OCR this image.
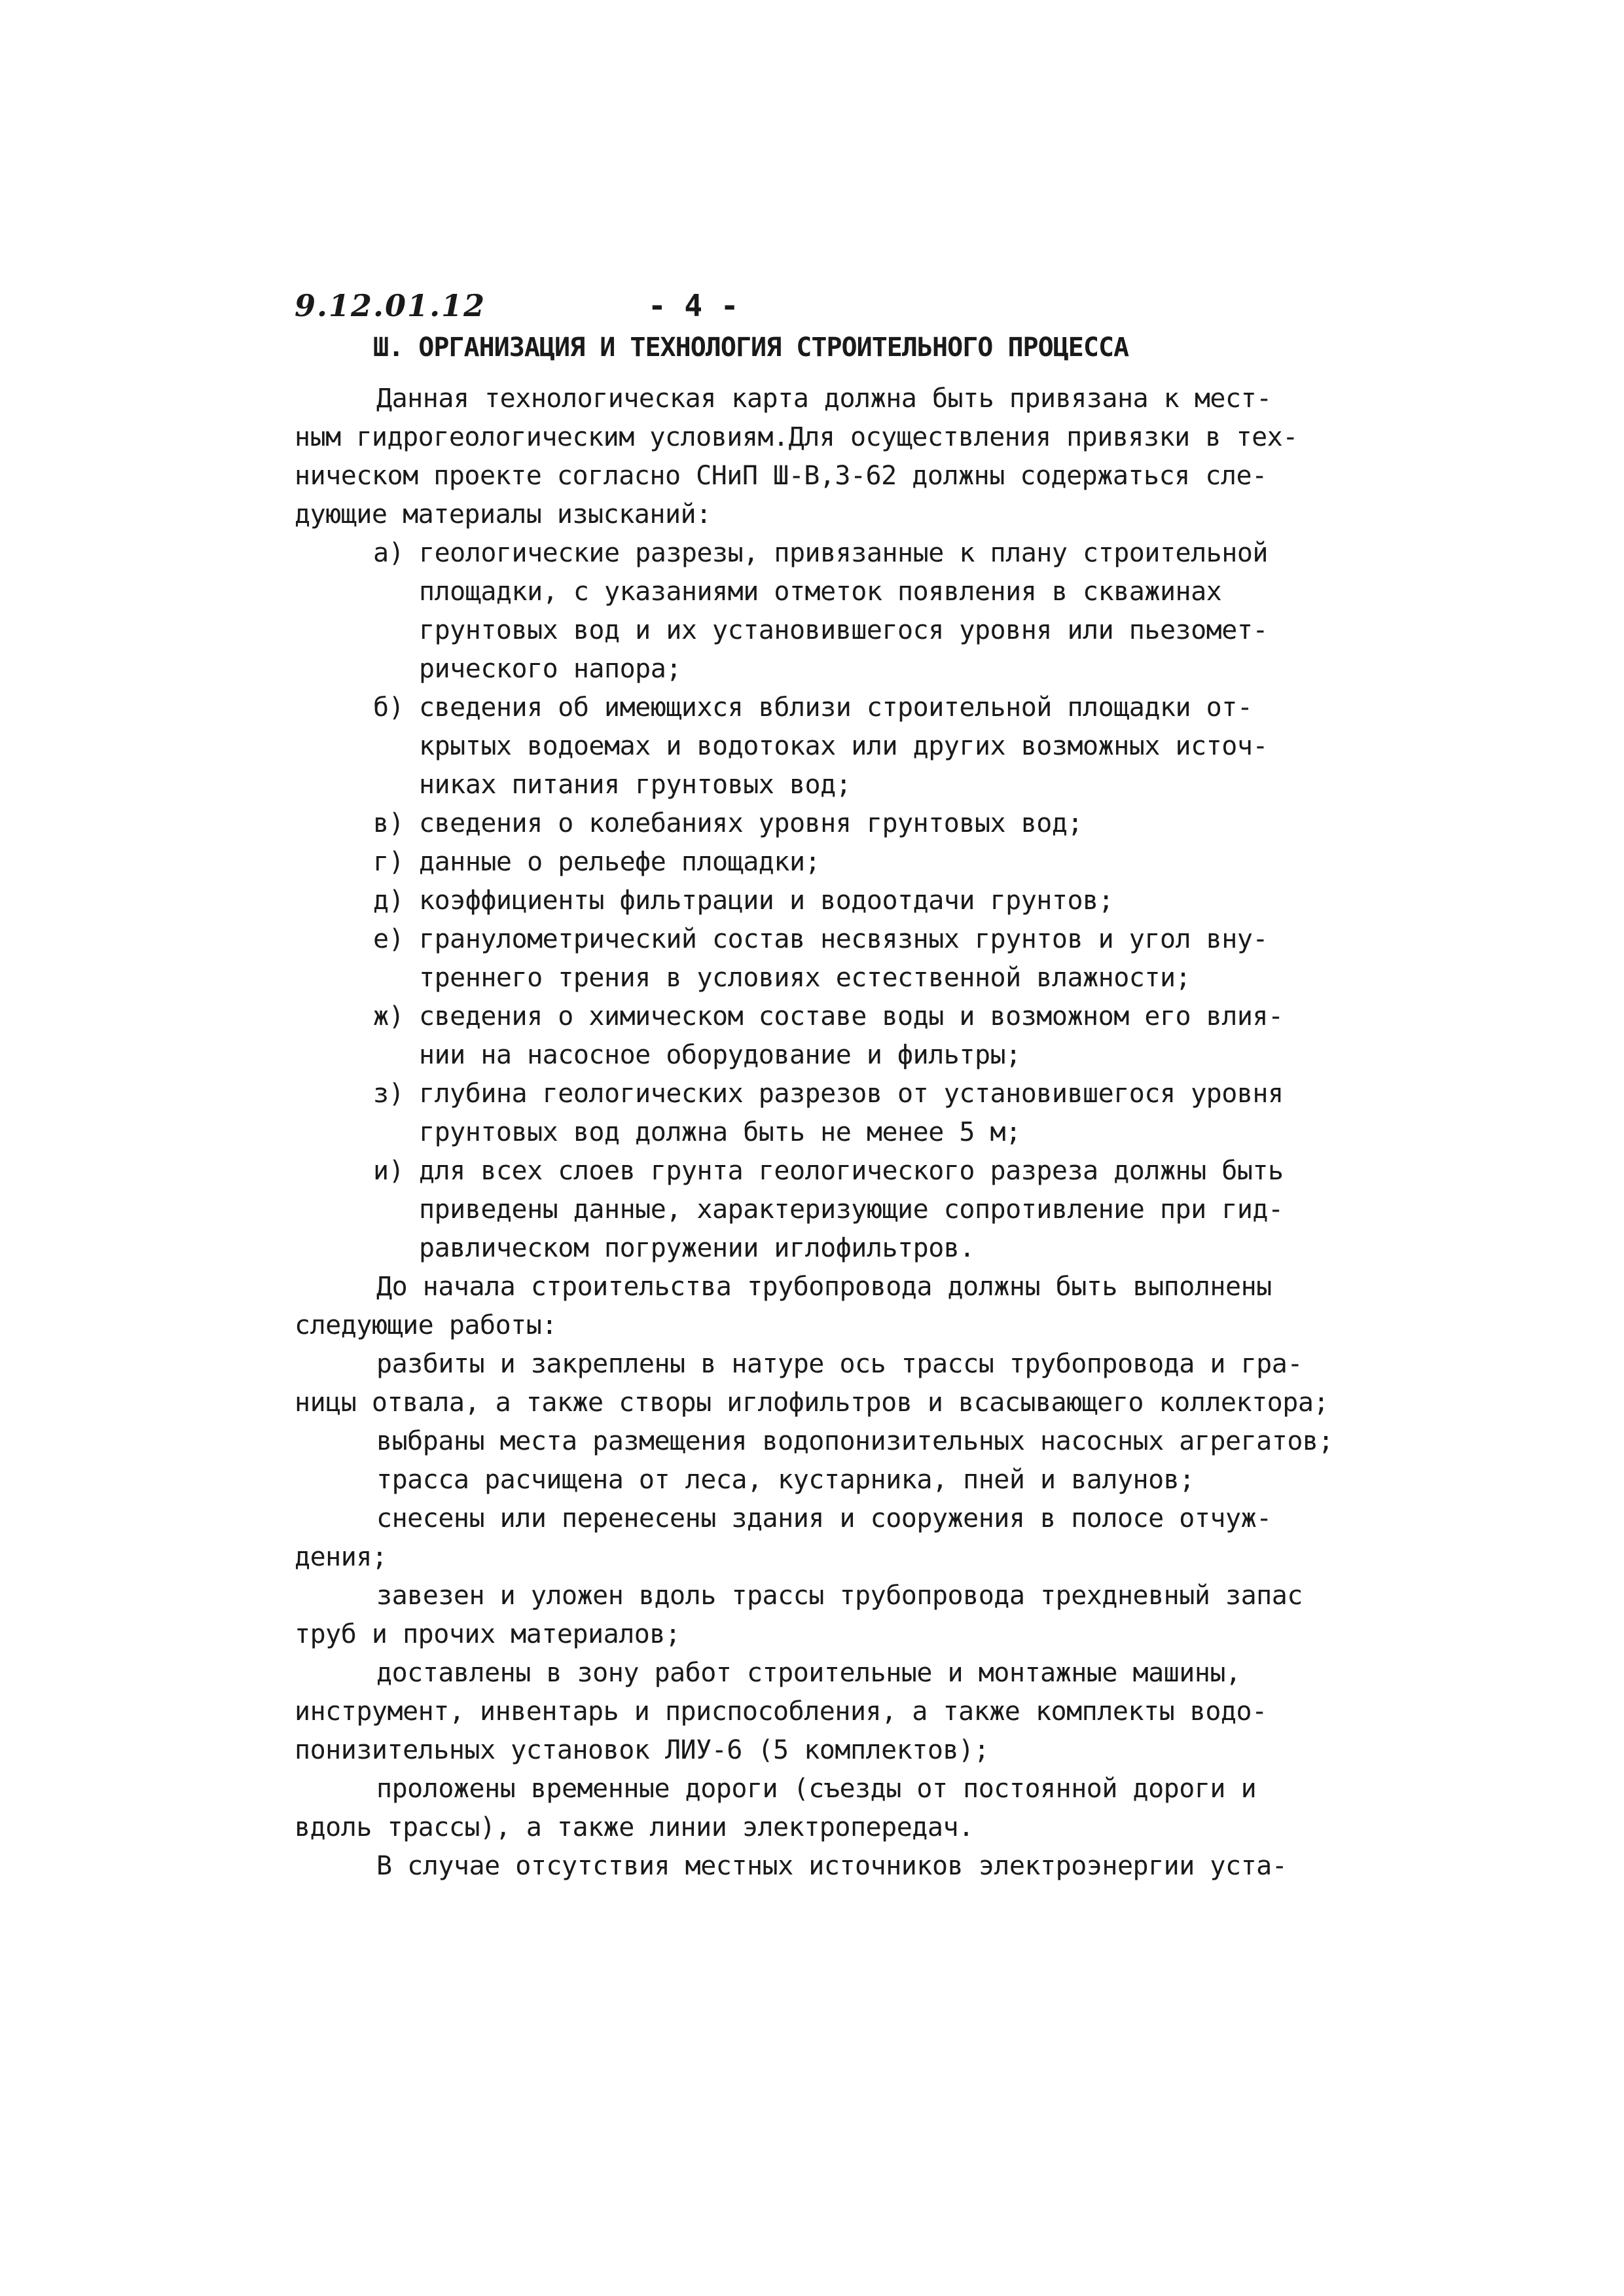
9.12.01.12	- 4 -
Ш. ОРГАНИЗАЦИЯ И ТЕХНОЛОГИЯ СТРОИТЕЛЬНОГО ПРОЦЕССА
Данная технологическая карта должна быть привязана к мест-
ным гидрогеологическим условиям.Для осуществления привязки в тех-
ническом проекте согласно СНиП Ш-В,3-62 должны содержаться сле-
дующие материалы изысканий:
а) геологические разрезы, привязанные к плану строительной
площадки, с указаниями отметок появления в скважинах
грунтовых вод и их установившегося уровня или пьезомет-
рического напора;
б) сведения об имеющихся вблизи строительной площадки от-
крытых водоемах и водотоках или других возможных источ-
никах питания грунтовых вод;
в) сведения о колебаниях уровня грунтовых вод;
г) данные о рельефе площадки;
д) коэффициенты фильтрации и водоотдачи грунтов;
е) гранулометрический состав несвязных грунтов и угол вну-
треннего трения в условиях естественной влажности;
ж) сведения о химическом составе воды и возможном его влия-
нии на насосное оборудование и фильтры;
з) глубина геологических разрезов от установившегося уровня
грунтовых вод должна быть не менее 5 м;
и) для всех слоев грунта геологического разреза должны быть
приведены данные, характеризующие сопротивление при гид-
равлическом погружении иглофильтров.
До начала строительства трубопровода должны быть выполнены
следующие работы:
разбиты и закреплены в натуре ось трассы трубопровода и гра-
ницы отвала, а также створы иглофильтров и всасывающего коллектора;
выбраны места размещения водопонизительных насосных агрегатов;
трасса расчищена от леса, кустарника, пней и валунов;
снесены или перенесены здания и сооружения в полосе отчуж-
дения;
завезен и уложен вдоль трассы трубопровода трехдневный запас
труб и прочих материалов;
доставлены в зону работ строительные и монтажные машины,
инструмент, инвентарь и приспособления, а также комплекты водо-
понизительных установок ЛИУ-6 (5 комплектов);
проложены временные дороги (съезды от постоянной дороги и
вдоль трассы), а также линии электропередач.
В случае отсутствия местных источников электроэнергии уста-
